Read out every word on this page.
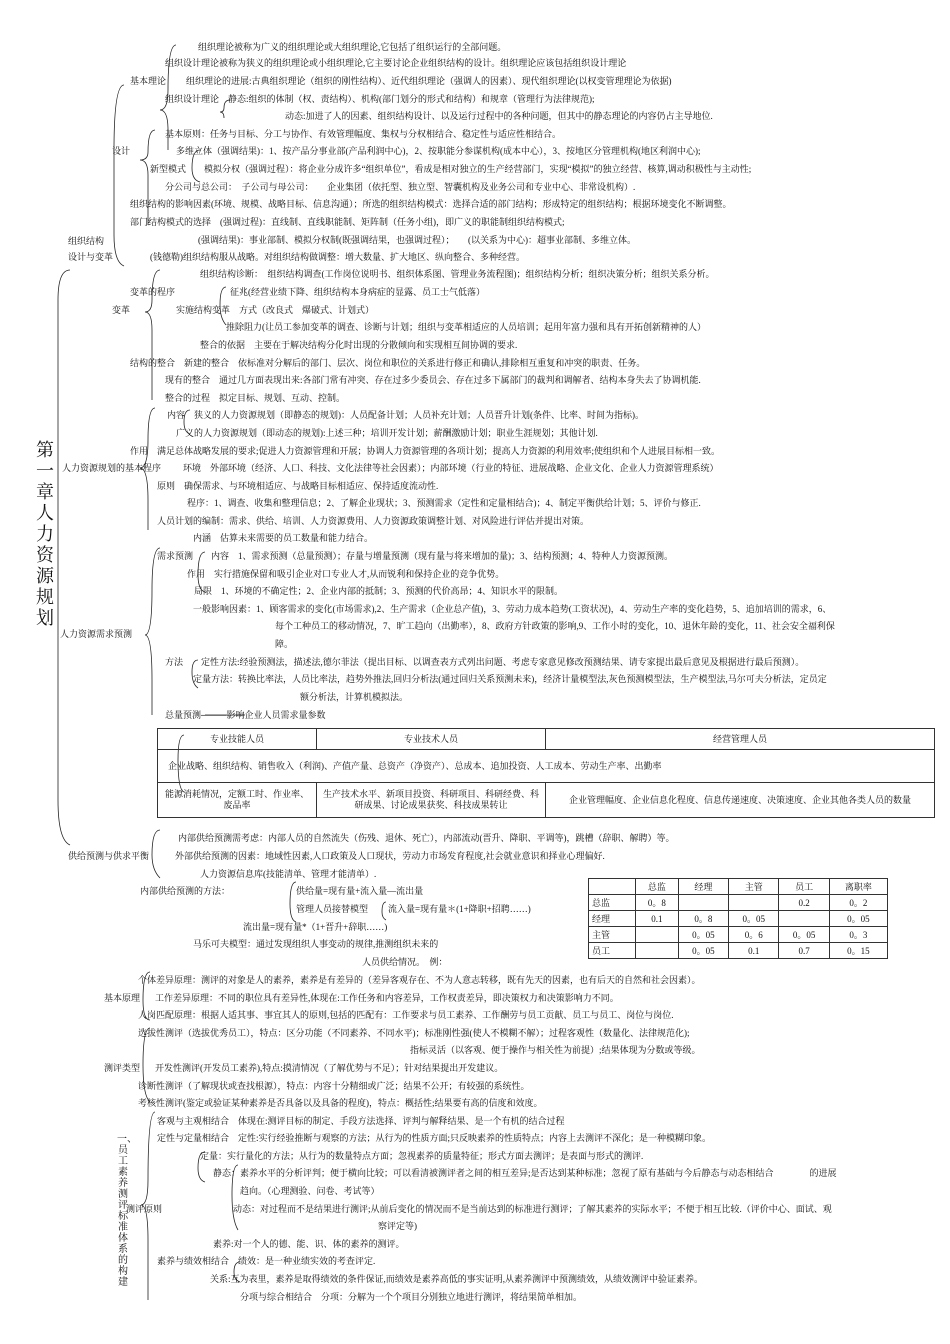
第一章　人力资源规划
组织结构
设计与变革
一、员工素养测评标准体系的构建
组织理论被称为广义的组织理论或大组织理论,它包括了组织运行的全部问题。
组织设计理论被称为狭义的组织理论或小组织理论,它主要讨论企业组织结构的设计。组织理论应该包括组织设计理论
基本理论 组织理论的进展:古典组织理论（组织的刚性结构）、近代组织理论（强调人的因素）、现代组织理论(以权变管理理论为依据)
组织设计理论　静态:组织的体制（权、责结构）、机构(部门划分的形式和结构）和规章（管理行为法律规范);
动态:加进了人的因素、组织结构设计、以及运行过程中的各种问题，但其中的静态理论的内容仍占主导地位.
基本原则：任务与目标、分工与协作、有效管理幅度、集权与分权相结合、稳定性与适应性相结合。
设计	多维立体（强调结果)：1、按产品分事业部(产品利润中心)，2、按职能分参谋机构(成本中心），3、按地区分管理机构(地区利润中心);
新型模式　　模拟分权（强调过程）：将企业分成许多“组织单位”，看成是相对独立的生产经营部门，实现“模拟”的独立经营、核算,调动积极性与主动性;
分公司与总公司：　子公司与母公司：　　企业集团（依托型、独立型、智囊机构及业务公司和专业中心、非常设机构）.
组织结构的影响因素(环境、规模、战略目标、信息沟通）；所选的组织结构模式：选择合适的部门结构；形成特定的组织结构；根据环境变化不断调整。
部门结构模式的选择　(强调过程)：直线制、直线职能制、矩阵制（任务小组)，即广义的职能制组织结构模式;
(强调结果)：事业部制、模拟分权制(既强调结果，也强调过程）；　　(以关系为中心)：超事业部制、多维立体。
(钱德勒)组织结构服从战略。对组织结构做调整：增大数量、扩大地区、纵向整合、多种经营。
组织结构诊断：　组织结构调查(工作岗位说明书、组织体系图、管理业务流程图)；组织结构分析；组织决策分析；组织关系分析。
变革的程序	征兆(经营业绩下降、组织结构本身病症的显露、员工士气低落）
变革	实施结构变革　方式（改良式　爆破式、计划式）
推除阻力(让员工参加变革的调查、诊断与计划；组织与变革相适应的人员培训；起用年富力强和具有开拓创新精神的人）
整合的依据　主要在于解决结构分化时出现的分散倾向和实现相互间协调的要求.
结构的整合　新建的整合　依标准对分解后的部门、层次、岗位和职位的关系进行修正和确认,排除相互重复和冲突的职责、任务。
现有的整合　通过几方面表现出来:各部门常有冲突、存在过多少委员会、存在过多下属部门的裁判和调解者、结构本身失去了协调机能.
整合的过程　拟定目标、规划、互动、控制。
内容　狭义的人力资源规划（即静态的规划)：人员配备计划；人员补充计划；人员晋升计划(条件、比率、时间为指标)。
广义的人力资源规划（即动态的规划):上述三种；培训开发计划；薪酬激励计划；职业生涯规划；其他计划.
作用　满足总体战略发展的要求;促进人力资源管理和开展；协调人力资源管理的各项计划；提高人力资源的利用效率;使组织和个人进展目标相一致。
人力资源规划的基本程序 环境　外部环境（经济、人口、科技、文化法律等社会因素）；内部环境（行业的特征、进展战略、企业文化、企业人力资源管理系统）
原则　确保需求、与环境相适应、与战略目标相适应、保持适度流动性.
程序：1、调查、收集和整理信息；2、了解企业现状；3、预测需求（定性和定量相结合)；4、制定平衡供给计划；5、评价与修正.
人员计划的编制：需求、供给、培训、人力资源费用、人力资源政策调整计划、对风险进行评估并提出对策。
内涵　估算未来需要的员工数量和能力结合。
需求预测　　内容　1、需求预测（总量预测）；存量与增量预测（现有量与将来增加的量)；3、结构预测；4、特种人力资源预测。
作用　实行措施保留和吸引企业对口专业人才,从而锐利和保持企业的竞争优势。
局限　1、环境的不确定性；2、企业内部的抵制；3、预测的代价高昂；4、知识水平的限制。
一般影响因素：1、顾客需求的变化(市场需求),2、生产需求（企业总产值)，3、劳动力成本趋势(工资状况)，4、劳动生产率的变化趋势，5、追加培训的需求，6、
每个工种员工的移动情况，7、旷工趋向（出勤率），8、政府方针政策的影响,9、工作小时的变化，10、退休年龄的变化，11、社会安全福利保
障。
人力资源需求预测
方法　　定性方法:经验预测法，描述法,德尔菲法（提出目标、以调查表方式列出问题、考虑专家意见修改预测结果、请专家提出最后意见及根据进行最后预测）。
定量方法：转换比率法，人员比率法，趋势外推法,回归分析法(通过回归关系预测未来)，经济计量模型法,灰色预测模型法，生产模型法,马尔可夫分析法，定员定
额分析法，计算机模拟法。
总量预测────影响企业人员需求量参数
专业技能人员	专业技术人员	经营管理人员
企业战略、组织结构、销售收入（利润)、产值产量、总资产（净资产）、总成本、追加投资、人工成本、劳动生产率、出勤率		
能源消耗情况，定额工时、作业率、废品率	生产技术水平、新项目投资、科研项目、科研经费、科研成果、讨论成果获奖、科技成果转让	企业管理幅度、企业信息化程度、信息传递速度、决策速度、企业其他各类人员的数量
内部供给预测需考虑：内部人员的自然流失（伤残、退休、死亡），内部流动(晋升、降职、平调等)，跳槽（辞职、解聘）等。
供给预测与供求平衡	外部供给预测的因素：地域性因素,人口政策及人口现状，劳动力市场发育程度,社会就业意识和择业心理偏好.
人力资源信息库(技能清单、管理才能清单）.
内部供给预测的方法：	供给量=现有量+流入量—流出量
管理人员接替模型 流入量=现有量＊(1+降职+招聘……)
流出量=现有量*（1+晋升+辞职……)
马乐可夫模型：通过发现组织人事变动的规律,推测组织未来的
人员供给情况。　例：
	总监	经理	主管	员工	离职率
总监	0。8			0.2	0。2
经理	0.1	0。8	0。05		0。05
主管		0。05	0。6	0。05	0。3
员工		0。05	0.1	0.7	0。15
个体差异原理：测评的对象是人的素养，素养是有差异的（差异客观存在、不为人意志转移，既有先天的因素，也有后天的自然和社会因素）。
基本原理 工作差异原理：不同的职位具有差异性,体现在:工作任务和内容差异，工作权责差异，即决策权力和决策影响力不同。
人岗匹配原理：根据人适其事、事宜其人的原则,包括的匹配有：工作要求与员工素养、工作酬劳与员工贡献、员工与员工、岗位与岗位.
选拔性测评（选拔优秀员工），特点：区分功能（不同素养、不同水平)；标准刚性强(使人不模糊不解）；过程客观性（数量化、法律规范化);
指标灵活（以客观、便于操作与相关性为前提）;结果体现为分数或等级。
测评类型 开发性测评(开发员工素养),特点:摸清情况（了解优势与不足）；针对结果提出开发建议。
诊断性测评（了解现状或查找根源），特点：内容十分精细或广泛；结果不公开；有较强的系统性。
考核性测评(鉴定或验证某种素养是否具备以及具备的程度)，特点：概括性;结果要有高的信度和效度。
客观与主观相结合　体现在:测评目标的制定、手段方法选择、评判与解释结果、是一个有机的结合过程
定性与定量相结合　定性:实行经验推断与观察的方法；从行为的性质方面;只反映素养的性质特点；内容上去测评不深化；是一种模糊印象。
定量：实行量化的方法；从行为的数量特点方面；忽视素养的质量特征；形式方面去测评；是表面与形式的测评.
静态：素养水平的分析评判；便于横向比较；可以看清被测评者之间的相互差异;是否达到某种标准；忽视了原有基础与今后静态与动态相结合　　　　的进展
趋向。（心理测验、问卷、考试等）
测评原则	动态：对过程而不是结果进行测评;从前后变化的情况而不是当前达到的标准进行测评；了解其素养的实际水平；不便于相互比较.（评价中心、面试、观
察评定等)
素养:对一个人的德、能、识、体的素养的测评。
素养与绩效相结合　绩效：是一种业绩实效的考查评定.
关系:互为表里，素养是取得绩效的条件保证,而绩效是素养高低的事实证明,从素养测评中预测绩效，从绩效测评中验证素养。
分项与综合相结合　分项：分解为一个个项目分别独立地进行测评，将结果简单相加。
